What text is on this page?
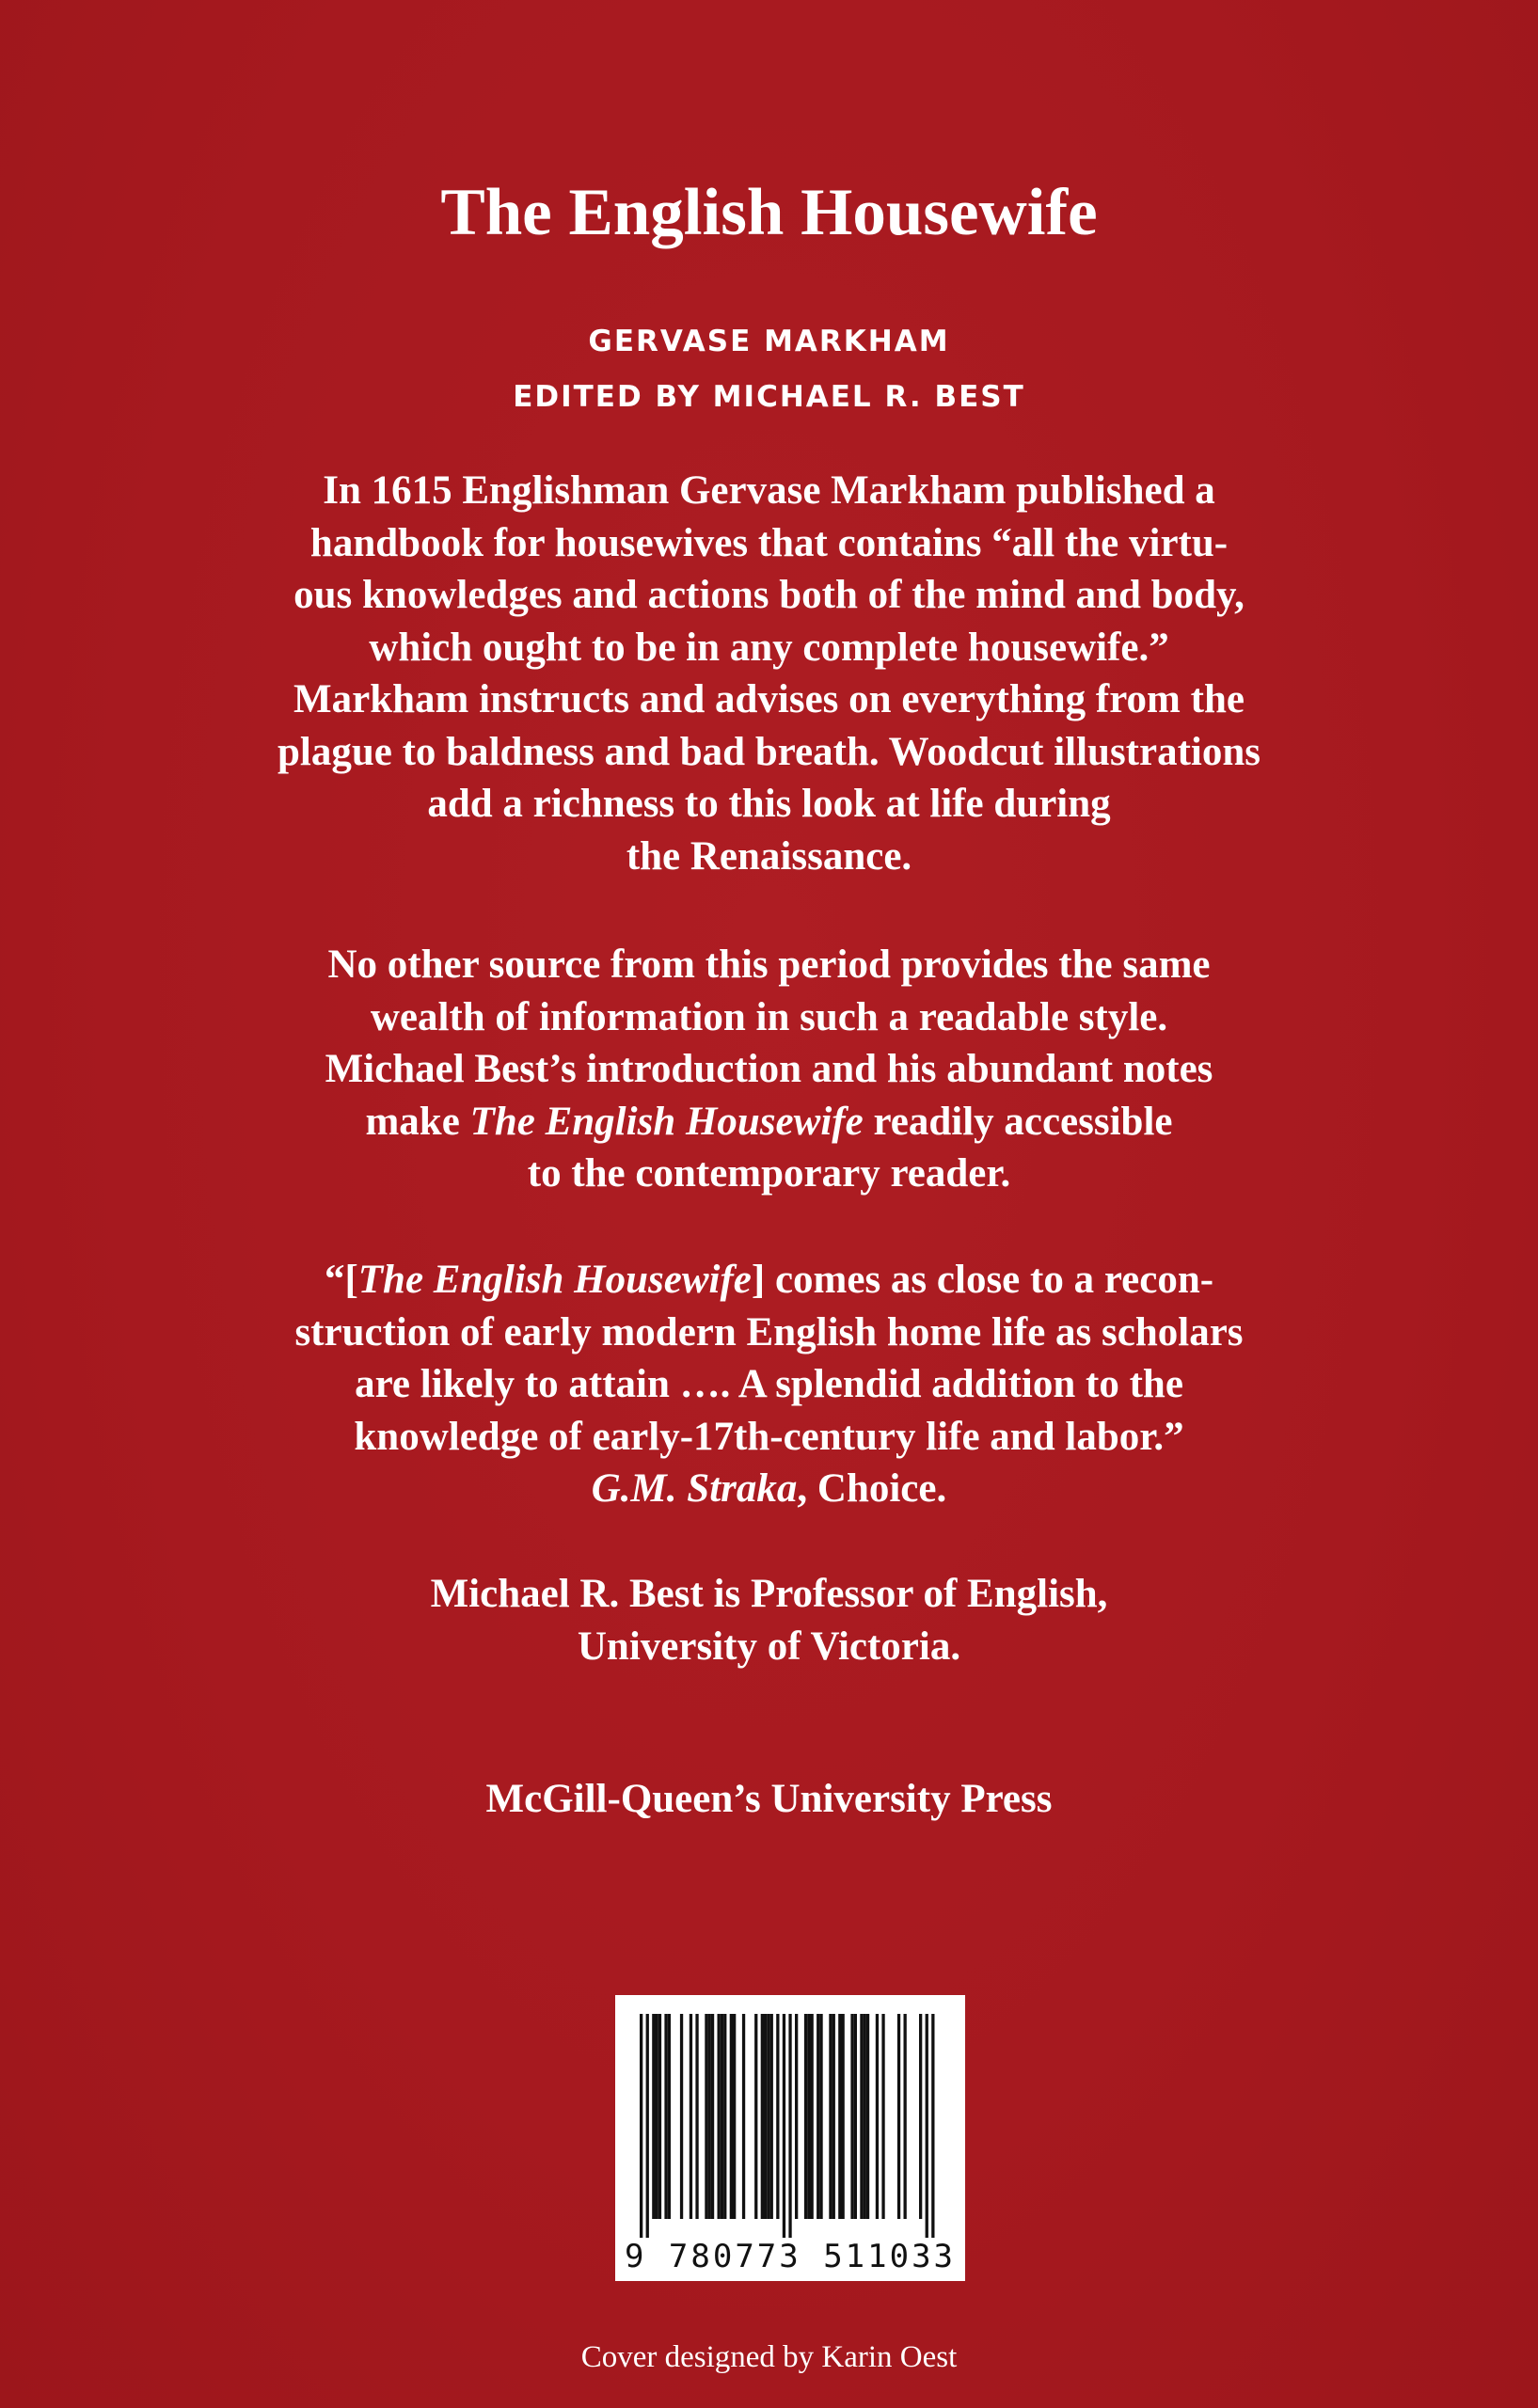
The English Housewife
GERVASE MARKHAM
EDITED BY MICHAEL R. BEST

In 1615 Englishman Gervase Markham published a
handbook for housewives that contains “all the virtu-
ous knowledges and actions both of the mind and body,
which ought to be in any complete housewife.”
Markham instructs and advises on everything from the
plague to baldness and bad breath. Woodcut illustrations
add a richness to this look at life during
the Renaissance.

No other source from this period provides the same
wealth of information in such a readable style.
Michael Best’s introduction and his abundant notes
make The English Housewife readily accessible
to the contemporary reader.

“[The English Housewife] comes as close to a recon-
struction of early modern English home life as scholars
are likely to attain …. A splendid addition to the
knowledge of early-17th-century life and labor.”
G.M. Straka, Choice.

Michael R. Best is Professor of English,
University of Victoria.

McGill-Queen’s University Press

9 780773 511033

Cover designed by Karin Oest
